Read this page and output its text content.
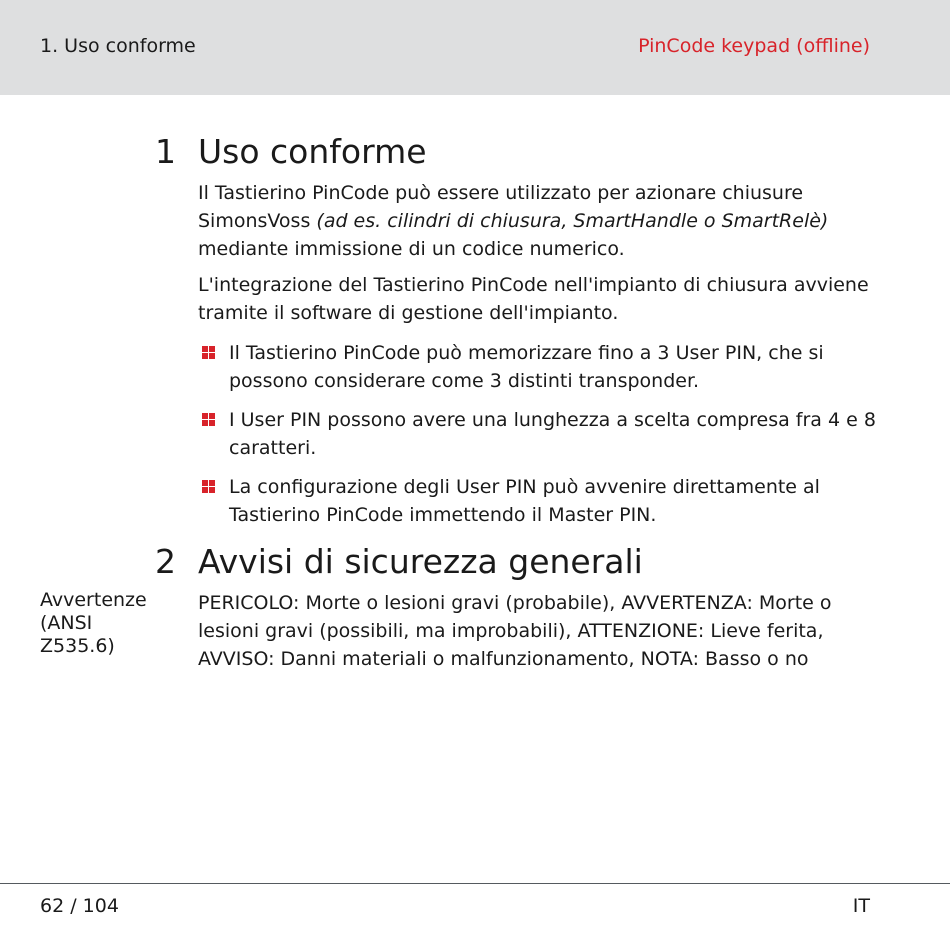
1. Uso conforme	PinCode keypad (offline)
1 Uso conforme

Il Tastierino PinCode può essere utilizzato per azionare chiusure SimonsVoss (ad es. cilindri di chiusura, SmartHandle o SmartRelè) mediante immissione di un codice numerico.

L'integrazione del Tastierino PinCode nell'impianto di chiusura avviene tramite il software di gestione dell'impianto.

Il Tastierino PinCode può memorizzare fino a 3 User PIN, che si possono considerare come 3 distinti transponder.
I User PIN possono avere una lunghezza a scelta compresa fra 4 e 8 caratteri.
La configurazione degli User PIN può avvenire direttamente al Tastierino PinCode immettendo il Master PIN.
2 Avvisi di sicurezza generali
Avvertenze (ANSI Z535.6)

PERICOLO: Morte o lesioni gravi (probabile), AVVERTENZA: Morte o lesioni gravi (possibili, ma improbabili), ATTENZIONE: Lieve ferita, AVVISO: Danni materiali o malfunzionamento, NOTA: Basso o no

62 / 104	IT
